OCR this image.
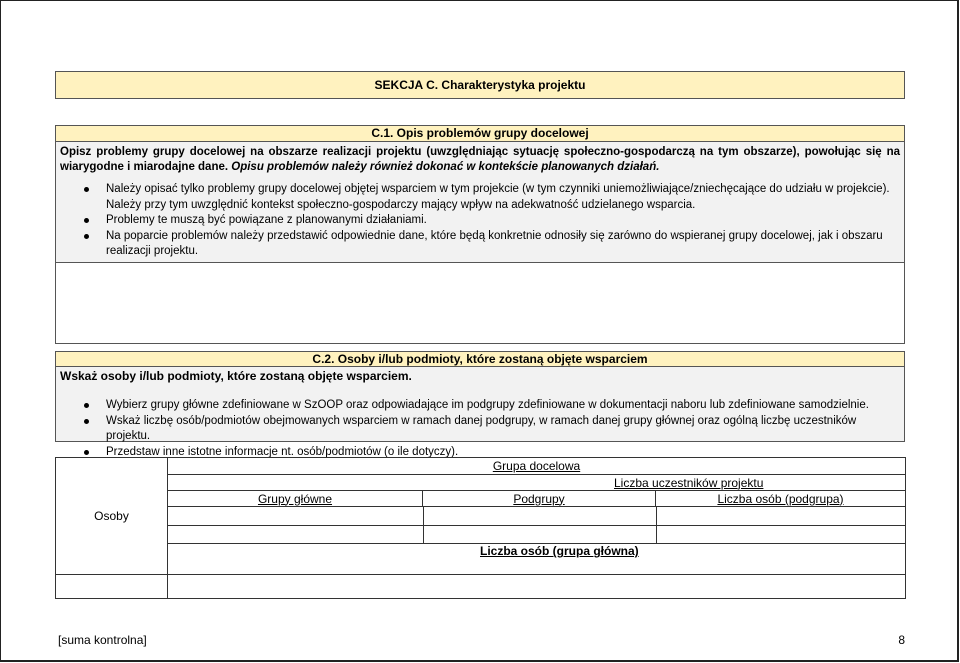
SEKCJA C. Charakterystyka projektu
C.1. Opis problemów grupy docelowej
Opisz problemy grupy docelowej na obszarze realizacji projektu (uwzględniając sytuację społeczno-gospodarczą na tym obszarze), powołując się na wiarygodne i miarodajne dane. Opisu problemów należy również dokonać w kontekście planowanych działań.
Należy opisać tylko problemy grupy docelowej objętej wsparciem w tym projekcie (w tym czynniki uniemożliwiające/zniechęcające do udziału w projekcie). Należy przy tym uwzględnić kontekst społeczno-gospodarczy mający wpływ na adekwatność udzielanego wsparcia.
Problemy te muszą być powiązane z planowanymi działaniami.
Na poparcie problemów należy przedstawić odpowiednie dane, które będą konkretnie odnosiły się zarówno do wspieranej grupy docelowej, jak i obszaru realizacji projektu.
C.2. Osoby i/lub podmioty, które zostaną objęte wsparciem
Wskaż osoby i/lub podmioty, które zostaną objęte wsparciem.
Wybierz grupy główne zdefiniowane w SzOOP oraz odpowiadające im podgrupy zdefiniowane w dokumentacji naboru lub zdefiniowane samodzielnie.
Wskaż liczbę osób/podmiotów obejmowanych wsparciem w ramach danej podgrupy, w ramach danej grupy głównej oraz ogólną liczbę uczestników projektu.
Przedstaw inne istotne informacje nt. osób/podmiotów (o ile dotyczy).
Osoby	Grupa docelowa
Liczba uczestników projektu
Grupy główne	Podgrupy	Liczba osób (podgrupa)

Liczba osób (grupa główna)

[suma kontrolna]	8
